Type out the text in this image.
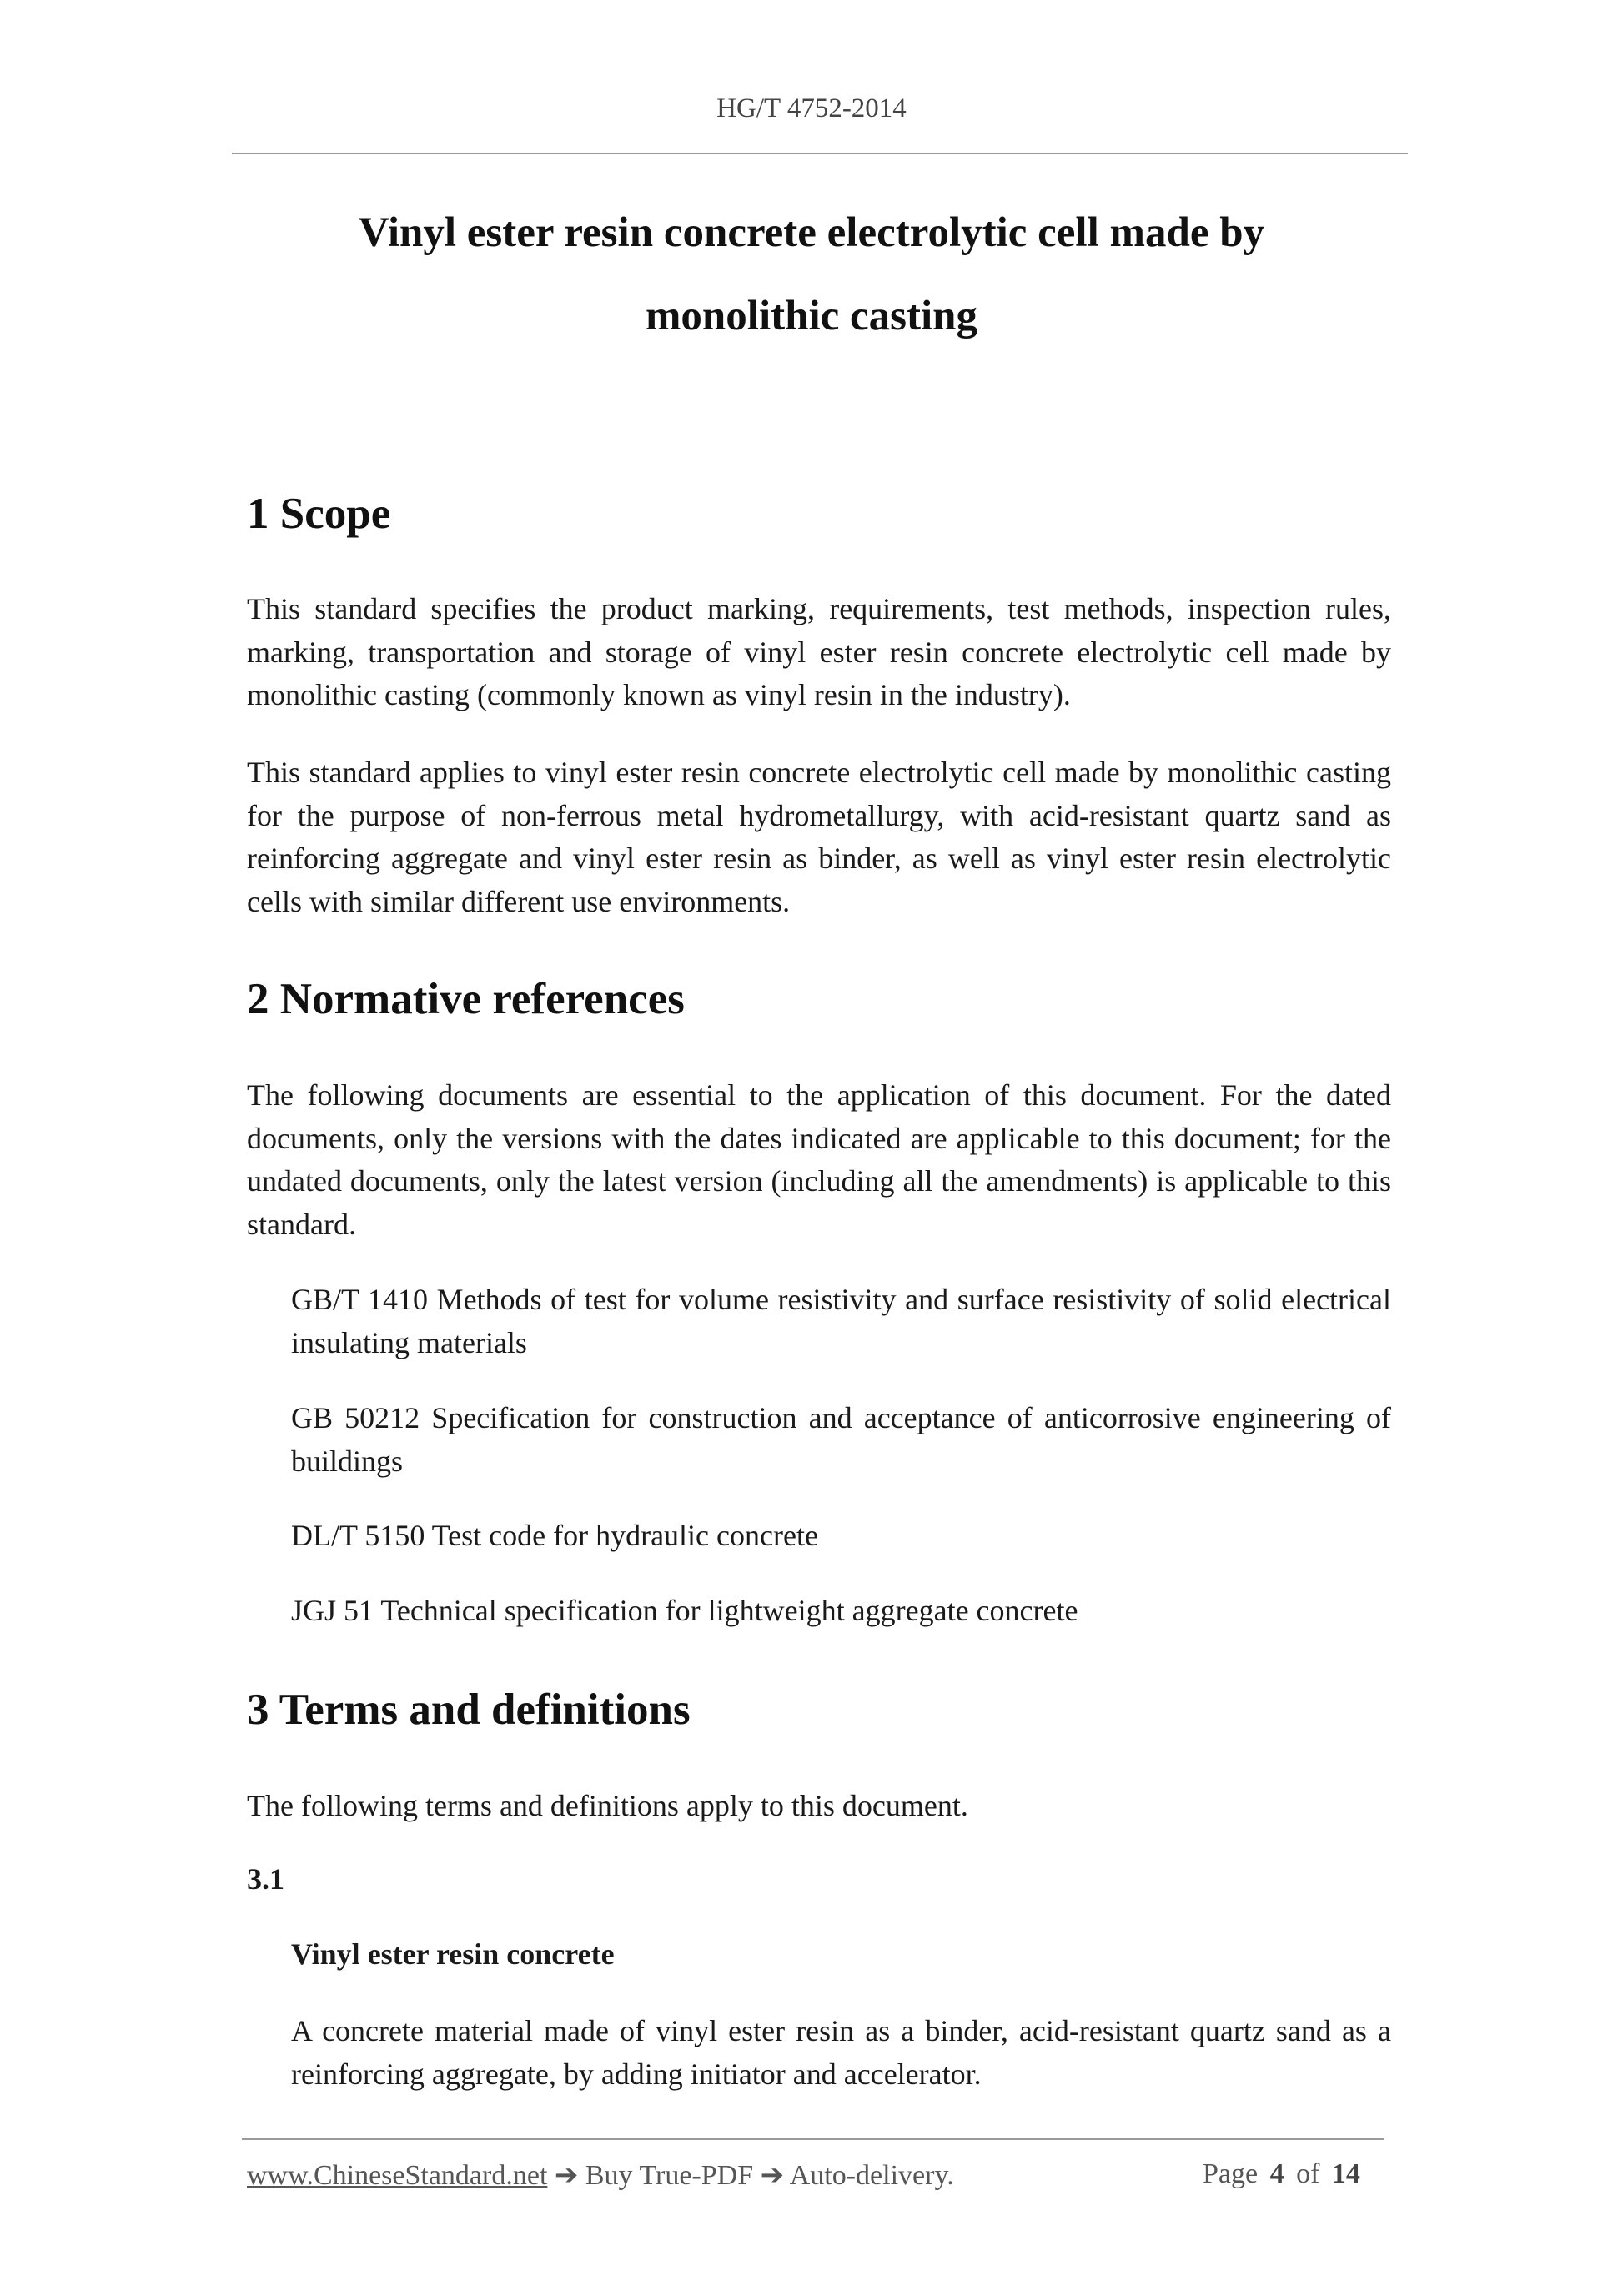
HG/T 4752-2014
Vinyl ester resin concrete electrolytic cell made by
monolithic casting
1 Scope

This standard specifies the product marking, requirements, test methods, inspection rules, marking, transportation and storage of vinyl ester resin concrete electrolytic cell made by monolithic casting (commonly known as vinyl resin in the industry).

This standard applies to vinyl ester resin concrete electrolytic cell made by monolithic casting for the purpose of non-ferrous metal hydrometallurgy, with acid-resistant quartz sand as reinforcing aggregate and vinyl ester resin as binder, as well as vinyl ester resin electrolytic cells with similar different use environments.

2 Normative references

The following documents are essential to the application of this document. For the dated documents, only the versions with the dates indicated are applicable to this document; for the undated documents, only the latest version (including all the amendments) is applicable to this standard.

GB/T 1410 Methods of test for volume resistivity and surface resistivity of solid electrical insulating materials

GB 50212 Specification for construction and acceptance of anticorrosive engineering of buildings

DL/T 5150 Test code for hydraulic concrete

JGJ 51 Technical specification for lightweight aggregate concrete

3 Terms and definitions

The following terms and definitions apply to this document.

3.1
Vinyl ester resin concrete

A concrete material made of vinyl ester resin as a binder, acid-resistant quartz sand as a reinforcing aggregate, by adding initiator and accelerator.

www.ChineseStandard.net ➔ Buy True-PDF ➔ Auto-delivery.	Page 4 of 14
